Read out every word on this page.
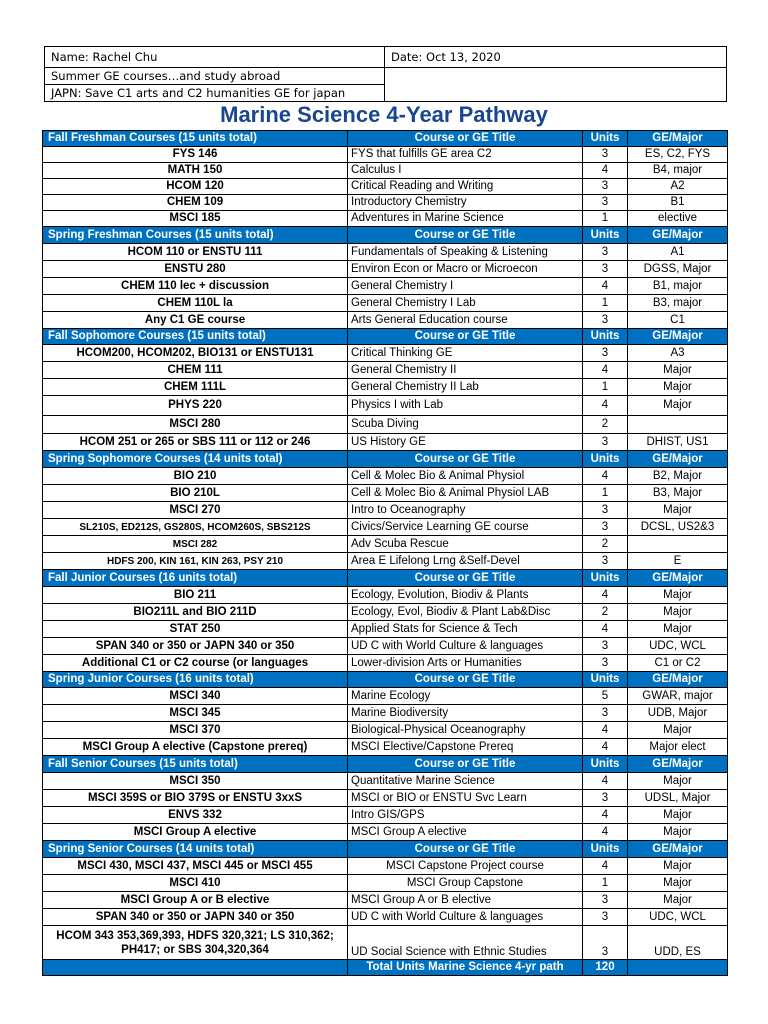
Name: Rachel Chu	Date: Oct 13, 2020
Summer GE courses…and study abroad	
JAPN: Save C1 arts and C2 humanities GE for japan	
Marine Science 4-Year Pathway
Fall Freshman Courses (15 units total)	Course or GE Title	Units	GE/Major
FYS 146	FYS that fulfills GE area C2	3	ES, C2, FYS
MATH 150	Calculus I	4	B4, major
HCOM 120	Critical Reading and Writing	3	A2
CHEM 109	Introductory Chemistry	3	B1
MSCI 185	Adventures in Marine Science	1	elective
Spring Freshman Courses (15 units total)	Course or GE Title	Units	GE/Major
HCOM 110 or ENSTU 111	Fundamentals of Speaking & Listening	3	A1
ENSTU 280	Environ Econ or Macro or Microecon	3	DGSS, Major
CHEM 110 lec + discussion	General Chemistry I	4	B1, major
CHEM 110L la	General Chemistry I Lab	1	B3, major
Any C1 GE course	Arts General Education course	3	C1
Fall Sophomore Courses (15 units total)	Course or GE Title	Units	GE/Major
HCOM200, HCOM202, BIO131 or ENSTU131	Critical Thinking GE	3	A3
CHEM 111	General Chemistry II	4	Major
CHEM 111L	General Chemistry II Lab	1	Major
PHYS 220	Physics I with Lab	4	Major
MSCI 280	Scuba Diving	2	
HCOM 251 or 265 or SBS 111 or 112 or 246	US History GE	3	DHIST, US1
Spring Sophomore Courses (14 units total)	Course or GE Title	Units	GE/Major
BIO 210	Cell & Molec Bio & Animal Physiol	4	B2, Major
BIO 210L	Cell & Molec Bio & Animal Physiol LAB	1	B3, Major
MSCI 270	Intro to Oceanography	3	Major
SL210S, ED212S, GS280S, HCOM260S, SBS212S	Civics/Service Learning GE course	3	DCSL, US2&3
MSCI 282	Adv Scuba Rescue	2	
HDFS 200, KIN 161, KIN 263, PSY 210	Area E Lifelong Lrng &Self-Devel	3	E
Fall Junior Courses (16 units total)	Course or GE Title	Units	GE/Major
BIO 211	Ecology, Evolution, Biodiv & Plants	4	Major
BIO211L and BIO 211D	Ecology, Evol, Biodiv & Plant Lab&Disc	2	Major
STAT 250	Applied Stats for Science & Tech	4	Major
SPAN 340 or 350 or JAPN 340 or 350	UD C with World Culture & languages	3	UDC, WCL
Additional C1 or C2 course (or languages	Lower-division Arts or Humanities	3	C1 or C2
Spring Junior Courses (16 units total)	Course or GE Title	Units	GE/Major
MSCI 340	Marine Ecology	5	GWAR, major
MSCI 345	Marine Biodiversity	3	UDB, Major
MSCI 370	Biological-Physical Oceanography	4	Major
MSCI Group A elective (Capstone prereq)	MSCI Elective/Capstone Prereq	4	Major elect
Fall Senior Courses (15 units total)	Course or GE Title	Units	GE/Major
MSCI 350	Quantitative Marine Science	4	Major
MSCI 359S or BIO 379S or ENSTU 3xxS	MSCI or BIO or ENSTU Svc Learn	3	UDSL, Major
ENVS 332	Intro GIS/GPS	4	Major
MSCI Group A elective	MSCI Group A elective	4	Major
Spring Senior Courses (14 units total)	Course or GE Title	Units	GE/Major
MSCI 430, MSCI 437, MSCI 445 or MSCI 455	MSCI Capstone Project course	4	Major
MSCI 410	MSCI Group Capstone	1	Major
MSCI Group A or B elective	MSCI Group A or B elective	3	Major
SPAN 340 or 350 or JAPN 340 or 350	UD C with World Culture & languages	3	UDC, WCL
HCOM 343 353,369,393, HDFS 320,321; LS 310,362; PH417; or SBS 304,320,364	UD Social Science with Ethnic Studies	3	UDD, ES
	Total Units Marine Science 4-yr path	120	
